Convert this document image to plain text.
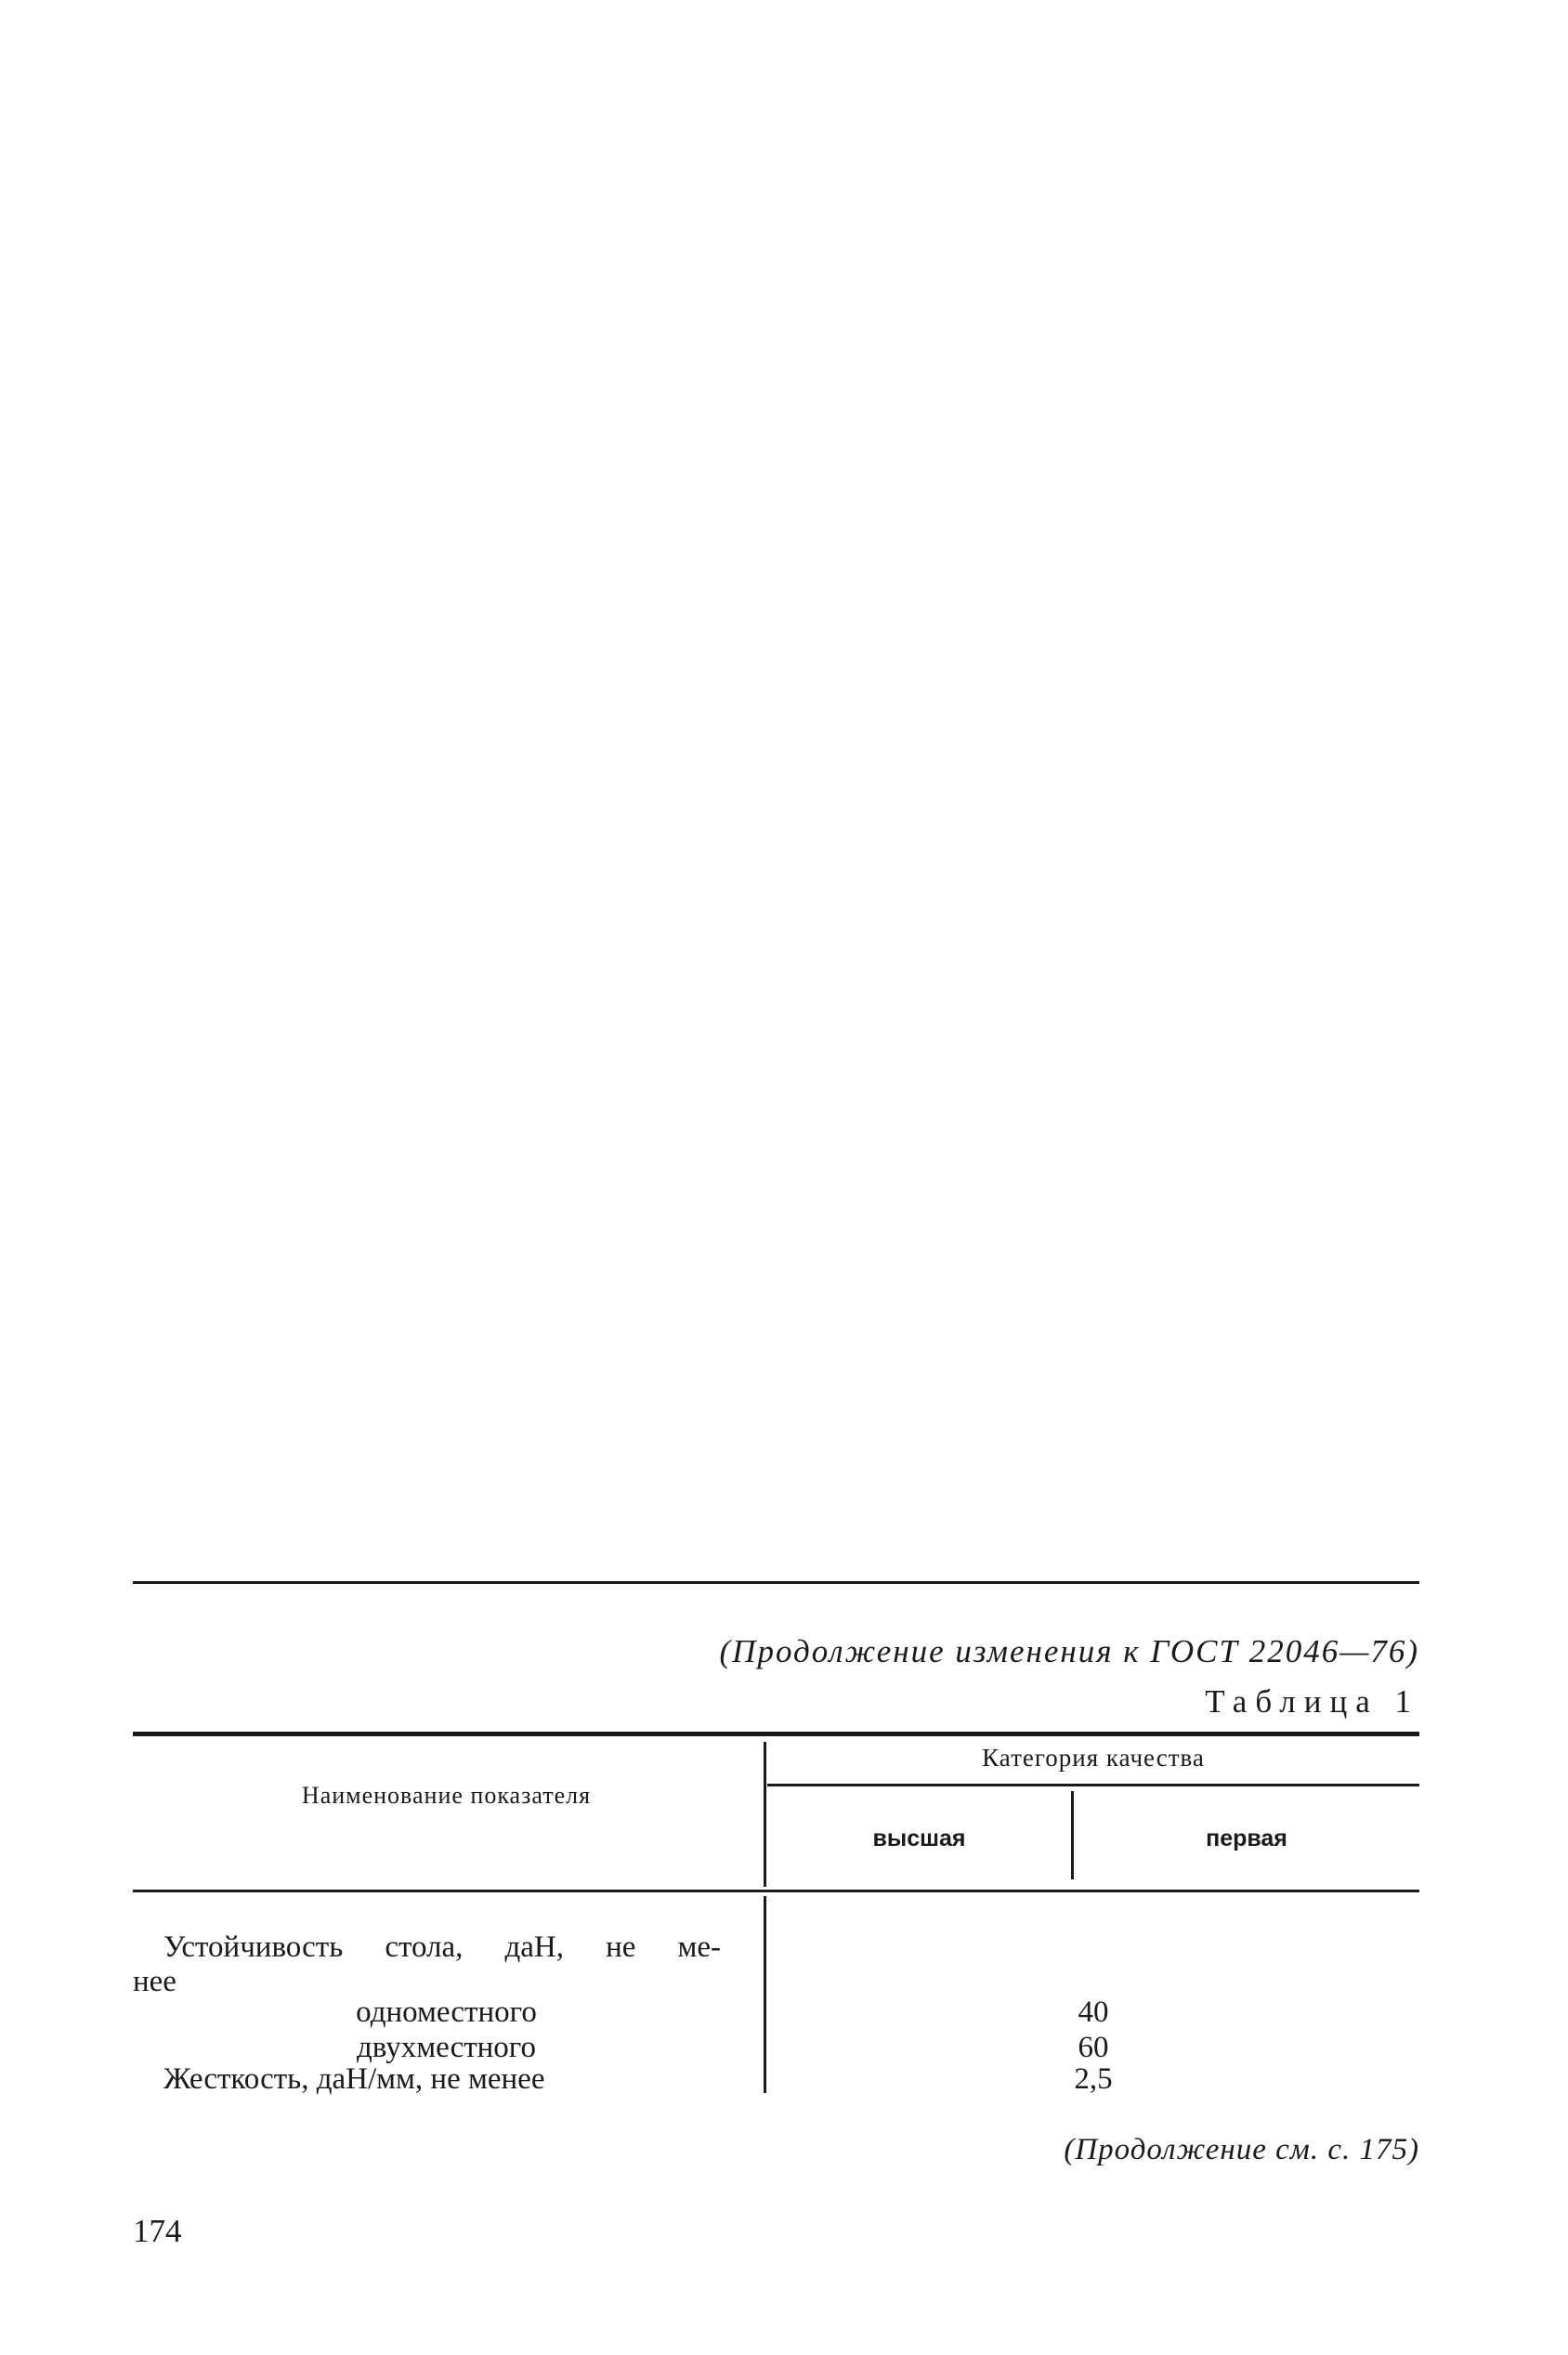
(Продолжение изменения к ГОСТ 22046—76)
Таблица 1
Наименование показателя
Категория качества
высшая	первая
Устойчивость стола, даН, не ме-
нее
одноместного	40
двухместного	60
Жесткость, даН/мм, не менее	2,5
(Продолжение см. с. 175)
174
